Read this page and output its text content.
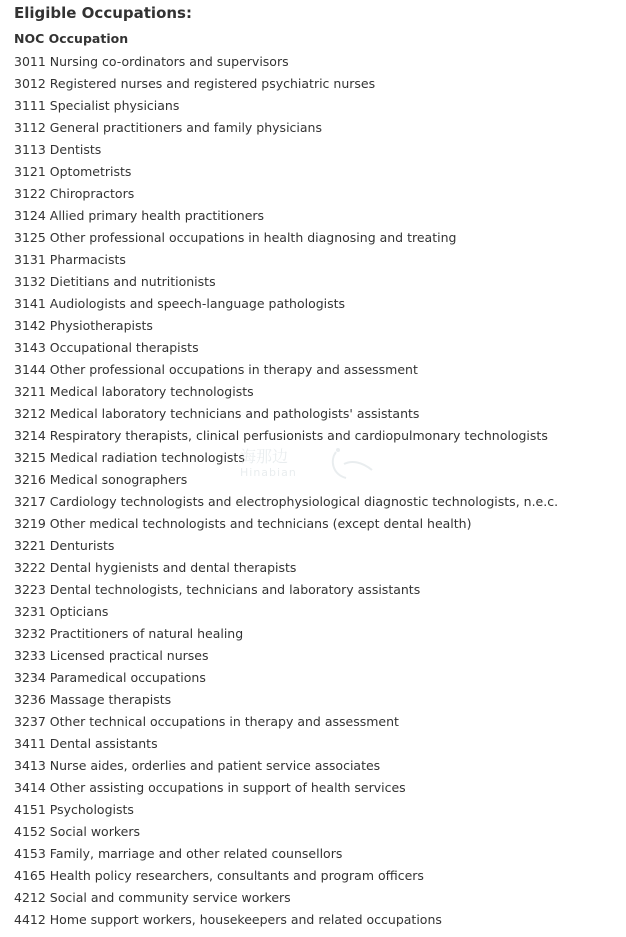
Eligible Occupations:
NOC Occupation
3011 Nursing co-ordinators and supervisors
3012 Registered nurses and registered psychiatric nurses
3111 Specialist physicians
3112 General practitioners and family physicians
3113 Dentists
3121 Optometrists
3122 Chiropractors
3124 Allied primary health practitioners
3125 Other professional occupations in health diagnosing and treating
3131 Pharmacists
3132 Dietitians and nutritionists
3141 Audiologists and speech-language pathologists
3142 Physiotherapists
3143 Occupational therapists
3144 Other professional occupations in therapy and assessment
3211 Medical laboratory technologists
3212 Medical laboratory technicians and pathologists' assistants
3214 Respiratory therapists, clinical perfusionists and cardiopulmonary technologists
3215 Medical radiation technologists
3216 Medical sonographers
3217 Cardiology technologists and electrophysiological diagnostic technologists, n.e.c.
3219 Other medical technologists and technicians (except dental health)
3221 Denturists
3222 Dental hygienists and dental therapists
3223 Dental technologists, technicians and laboratory assistants
3231 Opticians
3232 Practitioners of natural healing
3233 Licensed practical nurses
3234 Paramedical occupations
3236 Massage therapists
3237 Other technical occupations in therapy and assessment
3411 Dental assistants
3413 Nurse aides, orderlies and patient service associates
3414 Other assisting occupations in support of health services
4151 Psychologists
4152 Social workers
4153 Family, marriage and other related counsellors
4165 Health policy researchers, consultants and program officers
4212 Social and community service workers
4412 Home support workers, housekeepers and related occupations
海那边
Hinabian
